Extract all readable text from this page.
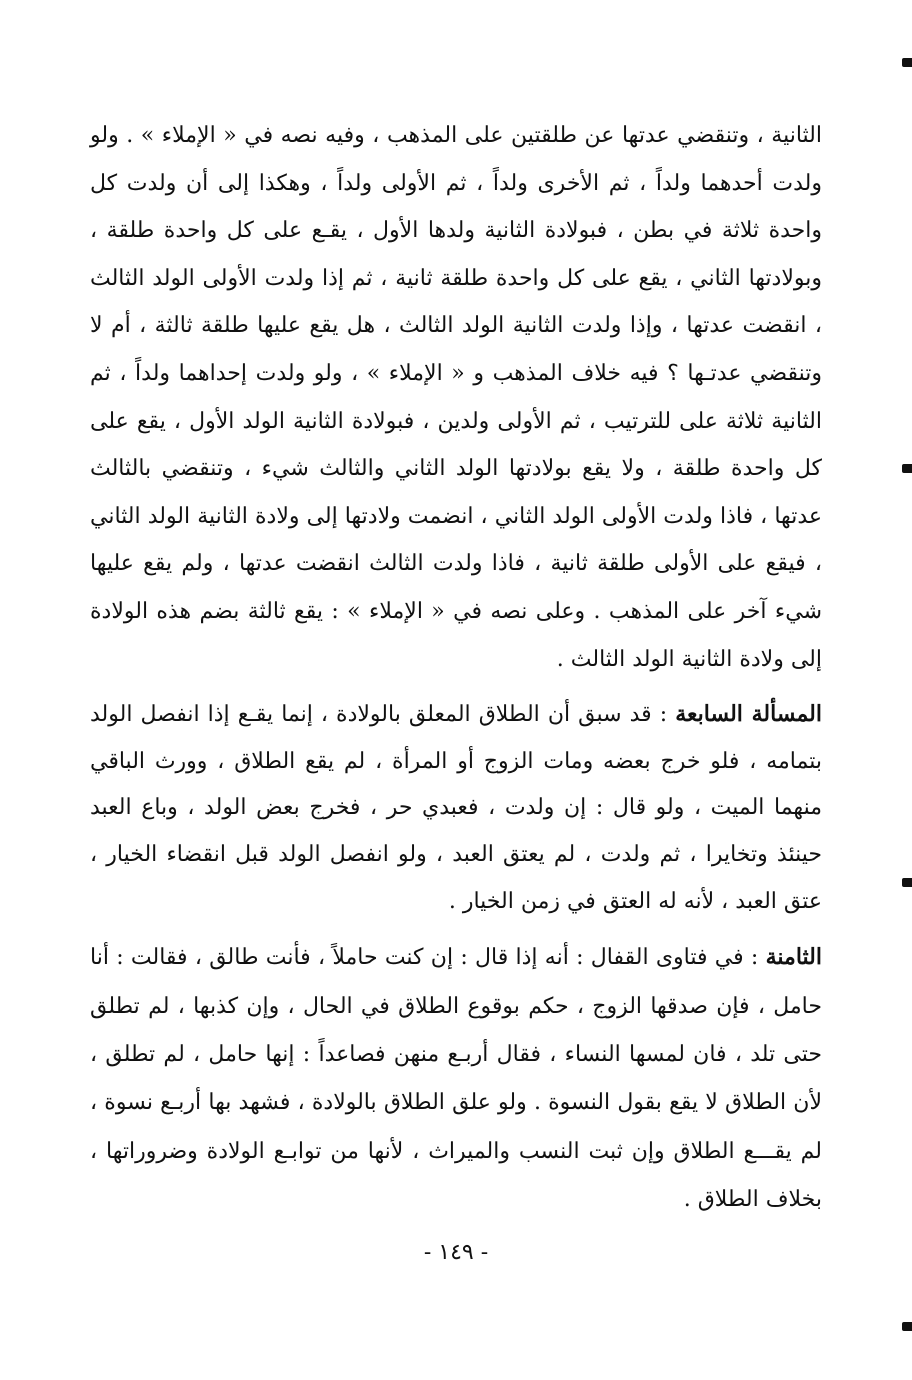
الثانية ، وتنقضي عدتها عن طلقتين على المذهب ، وفيه نصه في « الإملاء » . ولو ولدت أحدهما ولداً ، ثم الأخرى ولداً ، ثم الأولى ولداً ، وهكذا إلى أن ولدت كل واحدة ثلاثة في بطن ، فبولادة الثانية ولدها الأول ، يقـع على كل واحدة طلقة ، وبولادتها الثاني ، يقع على كل واحدة طلقة ثانية ، ثم إذا ولدت الأولى الولد الثالث ، انقضت عدتها ، وإذا ولدت الثانية الولد الثالث ، هل يقع عليها طلقة ثالثة ، أم لا وتنقضي عدتـها ؟ فيه خلاف المذهب و « الإملاء » ، ولو ولدت إحداهما ولداً ، ثم الثانية ثلاثة على للترتيب ، ثم الأولى ولدين ، فبولادة الثانية الولد الأول ، يقع على كل واحدة طلقة ، ولا يقع بولادتها الولد الثاني والثالث شيء ، وتنقضي بالثالث عدتها ، فاذا ولدت الأولى الولد الثاني ، انضمت ولادتها إلى ولادة الثانية الولد الثاني ، فيقع على الأولى طلقة ثانية ، فاذا ولدت الثالث انقضت عدتها ، ولم يقع عليها شيء آخر على المذهب . وعلى نصه في « الإملاء » : يقع ثالثة بضم هذه الولادة إلى ولادة الثانية الولد الثالث .

المسألة السابعة : قد سبق أن الطلاق المعلق بالولادة ، إنما يقـع إذا انفصل الولد بتمامه ، فلو خرج بعضه ومات الزوج أو المرأة ، لم يقع الطلاق ، وورث الباقي منهما الميت ، ولو قال : إن ولدت ، فعبدي حر ، فخرج بعض الولد ، وباع العبد حينئذ وتخايرا ، ثم ولدت ، لم يعتق العبد ، ولو انفصل الولد قبل انقضاء الخيار ، عتق العبد ، لأنه له العتق في زمن الخيار .

الثامنة : في فتاوى القفال : أنه إذا قال : إن كنت حاملاً ، فأنت طالق ، فقالت : أنا حامل ، فإن صدقها الزوج ، حكم بوقوع الطلاق في الحال ، وإن كذبها ، لم تطلق حتى تلد ، فان لمسها النساء ، فقال أربـع منهن فصاعداً : إنها حامل ، لم تطلق ، لأن الطلاق لا يقع بقول النسوة . ولو علق الطلاق بالولادة ، فشهد بها أربـع نسوة ، لم يقـــع الطلاق وإن ثبت النسب والميراث ، لأنها من توابـع الولادة وضروراتها ، بخلاف الطلاق .

- ١٤٩ -
